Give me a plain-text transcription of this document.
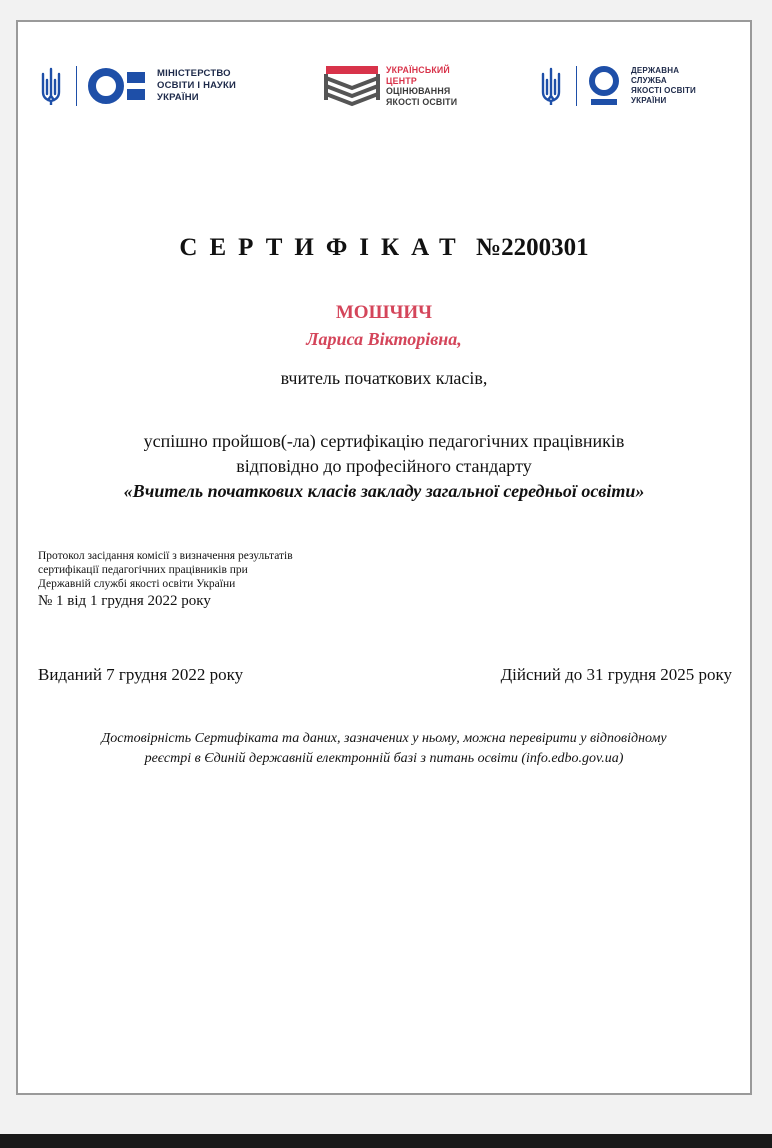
МІНІСТЕРСТВО
ОСВІТИ І НАУКИ
УКРАЇНИ
УКРАЇНСЬКИЙ
ЦЕНТР
ОЦІНЮВАННЯ
ЯКОСТІ ОСВІТИ
ДЕРЖАВНА
СЛУЖБА
ЯКОСТІ ОСВІТИ
УКРАЇНИ
СЕРТИФІКАТ №2200301
МОШЧИЧ
Лариса Вікторівна,
вчитель початкових класів,
успішно пройшов(-ла) сертифікацію педагогічних працівників
відповідно до професійного стандарту
«Вчитель початкових класів закладу загальної середньої освіти»
Протокол засідання комісії з визначення результатів
сертифікації педагогічних працівників при
Державній службі якості освіти України
№ 1 від 1 грудня 2022 року
Виданий 7 грудня 2022 року	Дійсний до 31 грудня 2025 року
Достовірність Сертифіката та даних, зазначених у ньому, можна перевірити у відповідному
реєстрі в Єдиній державній електронній базі з питань освіти (info.edbo.gov.ua)
